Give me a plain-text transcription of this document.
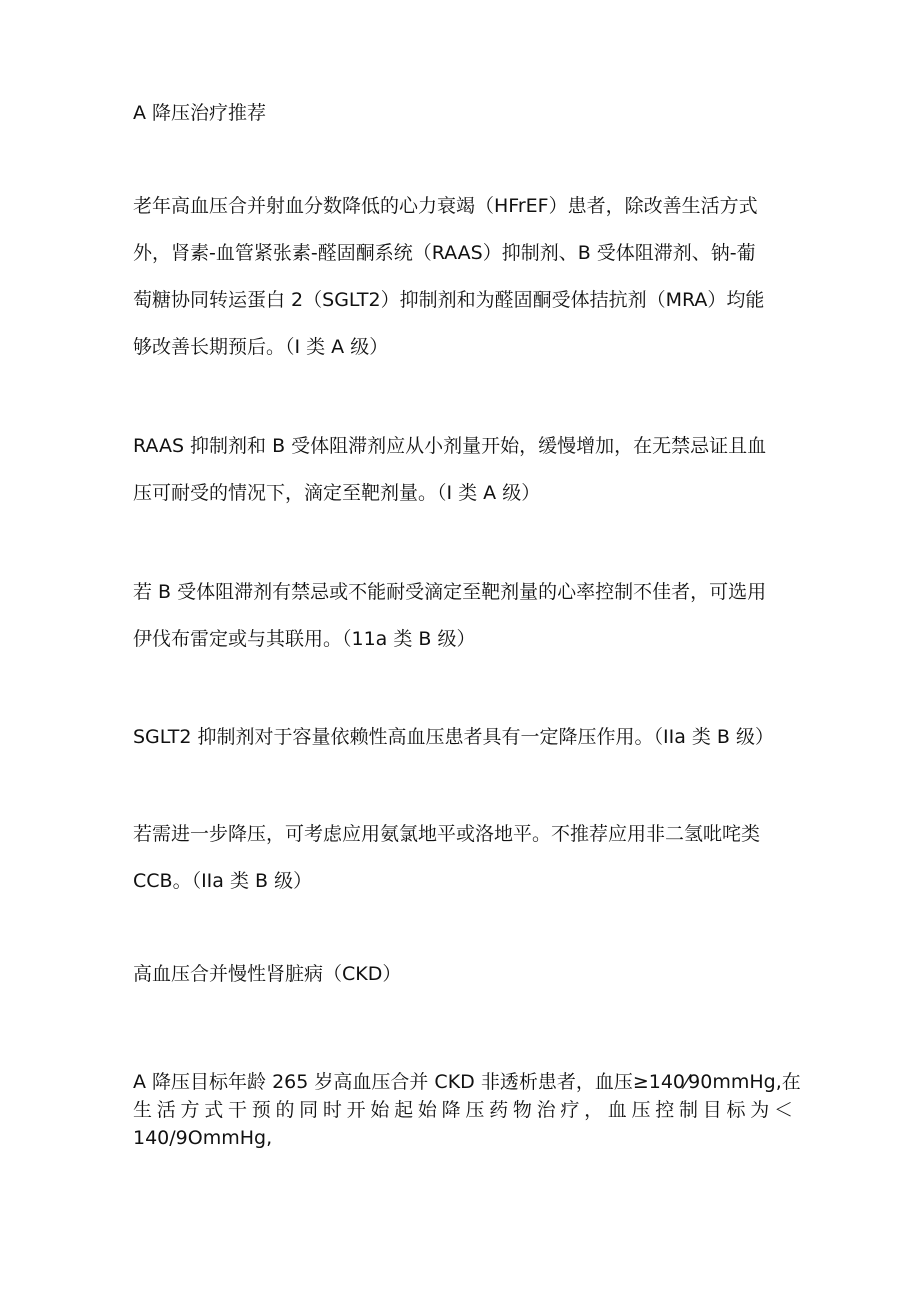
A 降压治疗推荐

老年高血压合并射血分数降低的心力衰竭（HFrEF）患者，除改善生活方式
外，肾素-血管紧张素-醛固酮系统（RAAS）抑制剂、B 受体阻滞剂、钠-葡
萄糖协同转运蛋白 2（SGLT2）抑制剂和为醛固酮受体拮抗剂（MRA）均能
够改善长期预后。（I 类 A 级）
RAAS 抑制剂和 B 受体阻滞剂应从小剂量开始，缓慢增加，在无禁忌证且血
压可耐受的情况下，滴定至靶剂量。（I 类 A 级）
若 B 受体阻滞剂有禁忌或不能耐受滴定至靶剂量的心率控制不佳者，可选用
伊伐布雷定或与其联用。（11a 类 B 级）
SGLT2 抑制剂对于容量依赖性高血压患者具有一定降压作用。（IIa 类 B 级）
若需进一步降压，可考虑应用氨氯地平或洛地平。不推荐应用非二氢吡咤类
CCB。（IIa 类 B 级）

高血压合并慢性肾脏病（CKD）

A 降压目标年龄 265 岁高血压合并 CKD 非透析患者，血压≥140⁄90mmHg,在
生活方式干预的同时开始起始降压药物治疗，血压控制目标为＜
140/9OmmHg,
